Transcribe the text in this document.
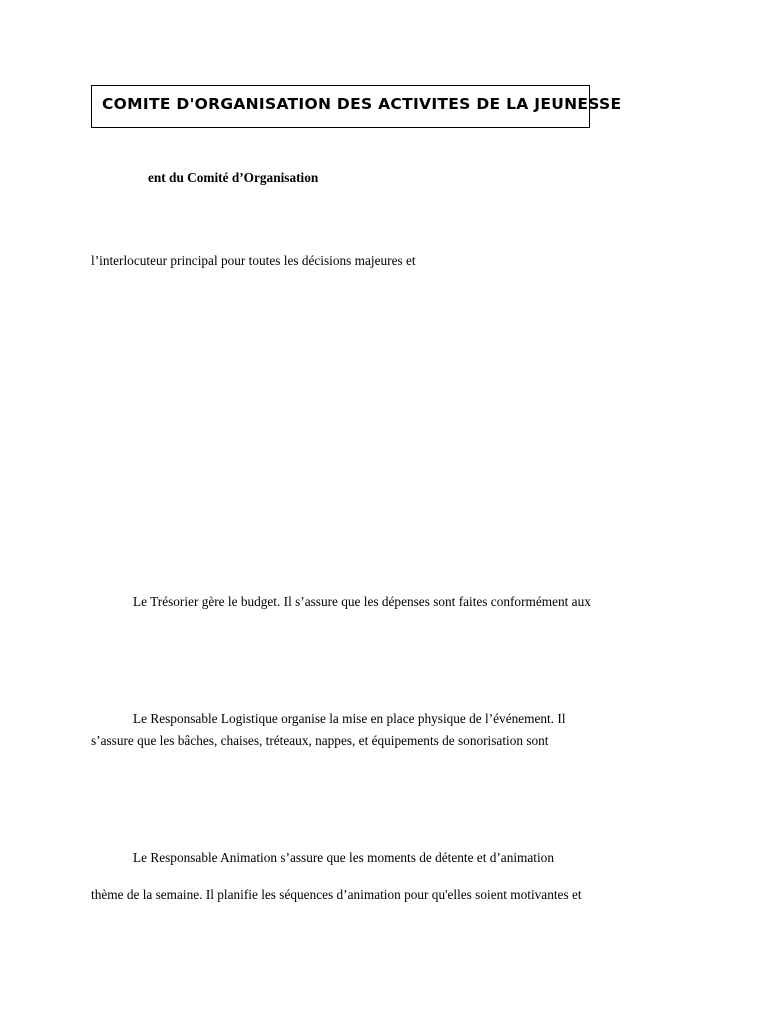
COMITE D'ORGANISATION DES ACTIVITES DE LA JEUNESSE
ent du Comité d’Organisation
l’interlocuteur principal pour toutes les décisions majeures et
Le Trésorier gère le budget. Il s’assure que les dépenses sont faites conformément aux
Le Responsable Logistique organise la mise en place physique de l’événement. Il
s’assure que les bâches, chaises, tréteaux, nappes, et équipements de sonorisation sont
Le Responsable Animation s’assure que les moments de détente et d’animation
thème de la semaine. Il planifie les séquences d’animation pour qu'elles soient motivantes et
